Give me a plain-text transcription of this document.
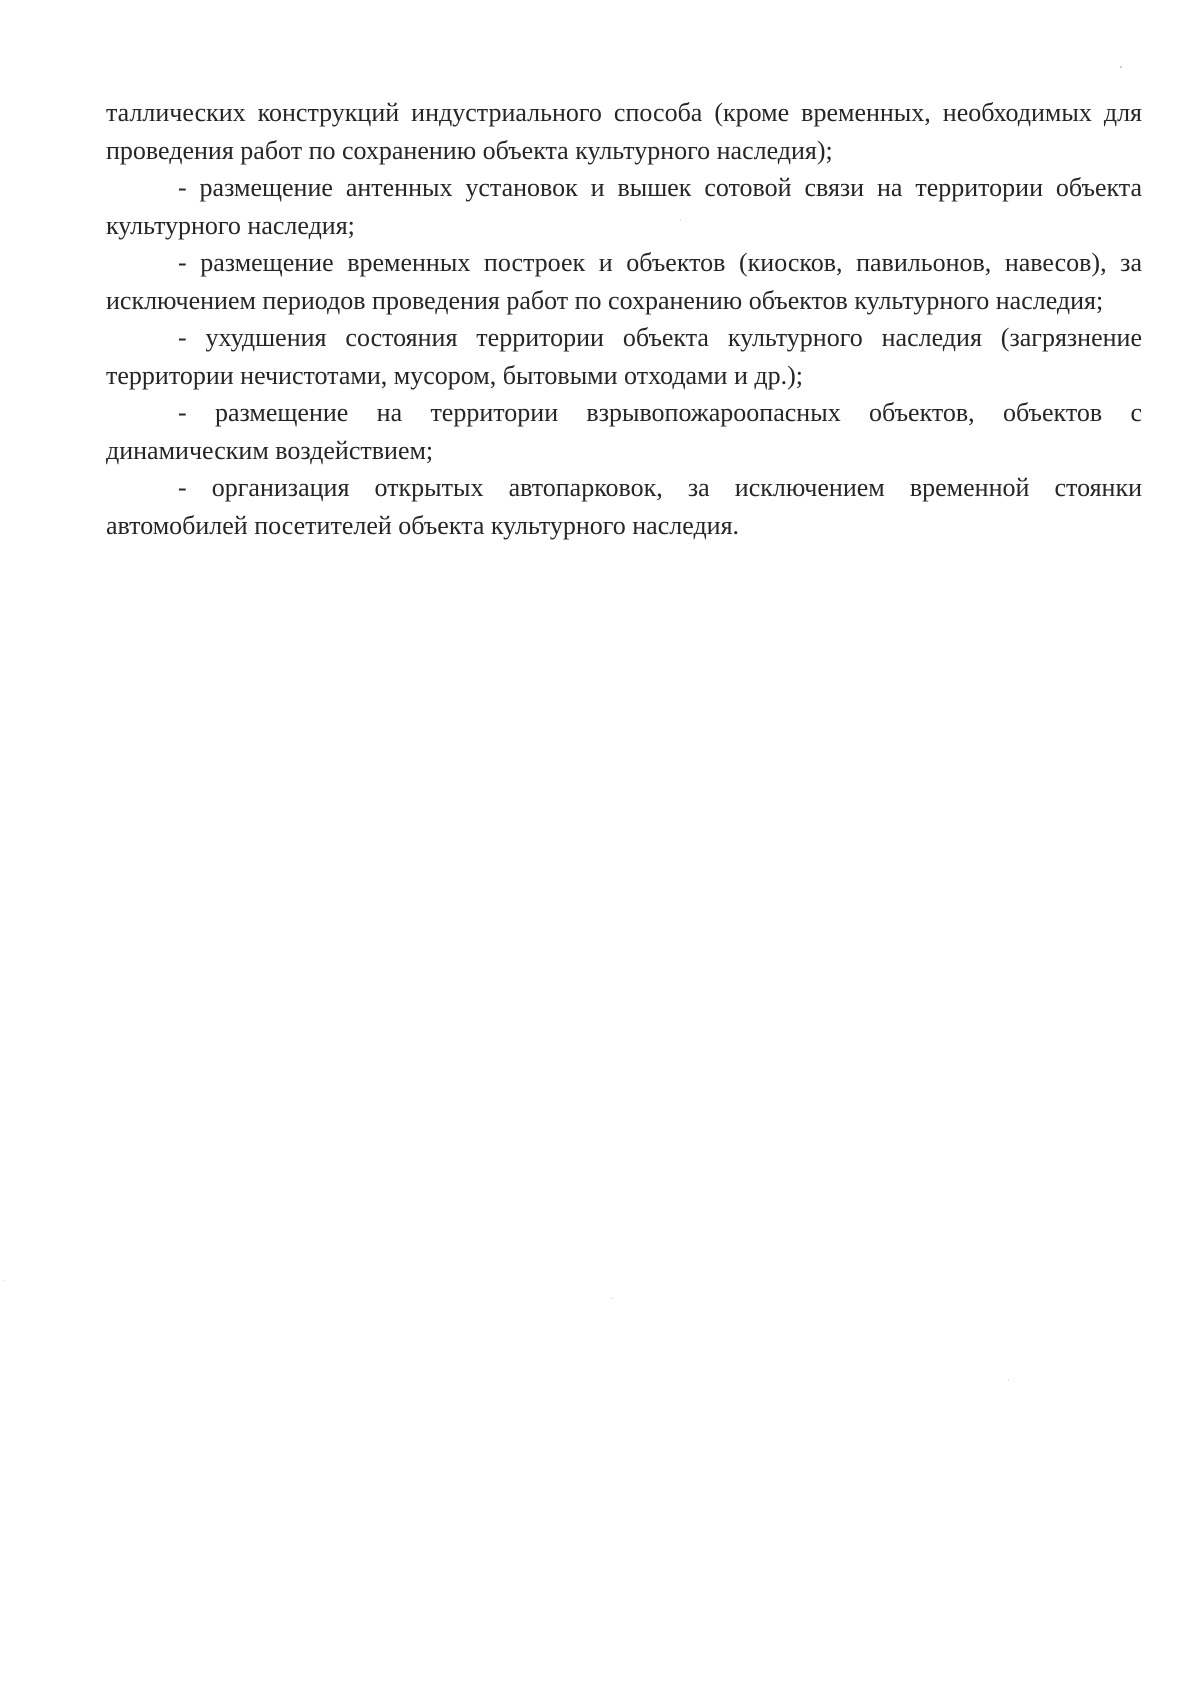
таллических конструкций индустриального способа (кроме временных, необходимых для проведения работ по сохранению объекта культурного наследия);

- размещение антенных установок и вышек сотовой связи на территории объекта культурного наследия;

- размещение временных построек и объектов (киосков, павильонов, навесов), за исключением периодов проведения работ по сохранению объектов культурного наследия;

- ухудшения состояния территории объекта культурного наследия (загрязнение территории нечистотами, мусором, бытовыми отходами и др.);

- размещение на территории взрывопожароопасных объектов, объектов с динамическим воздействием;

- организация открытых автопарковок, за исключением временной стоянки автомобилей посетителей объекта культурного наследия.
